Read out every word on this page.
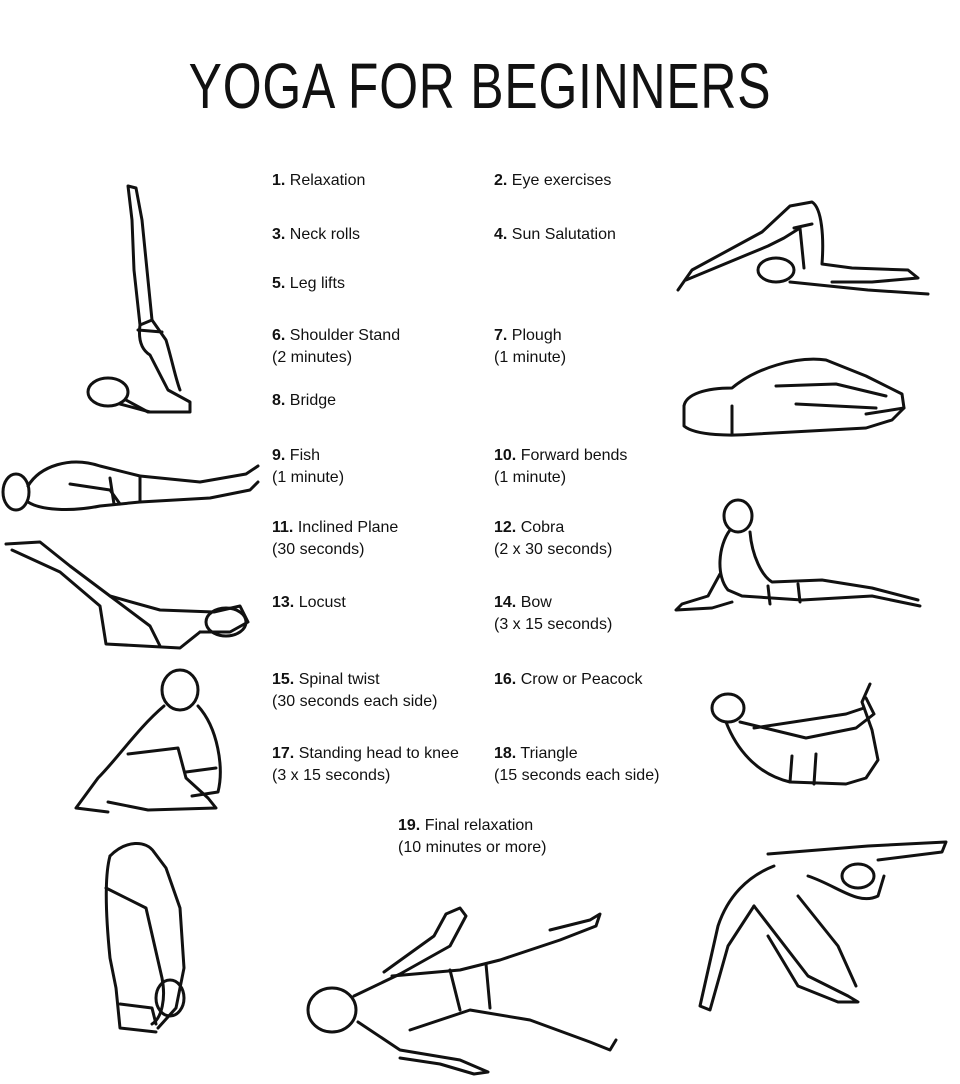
YOGA FOR BEGINNERS
1. Relaxation
3. Neck rolls
5. Leg lifts
6. Shoulder Stand
(2 minutes)
8. Bridge
9. Fish
(1 minute)
11. Inclined Plane
(30 seconds)
13. Locust
15. Spinal twist
(30 seconds each side)
17. Standing head to knee
(3 x 15 seconds)
2. Eye exercises
4. Sun Salutation
7. Plough
(1 minute)
10. Forward bends
(1 minute)
12. Cobra
(2 x 30 seconds)
14. Bow
(3 x 15 seconds)
16. Crow or Peacock
18. Triangle
(15 seconds each side)
19. Final relaxation
(10 minutes or more)
